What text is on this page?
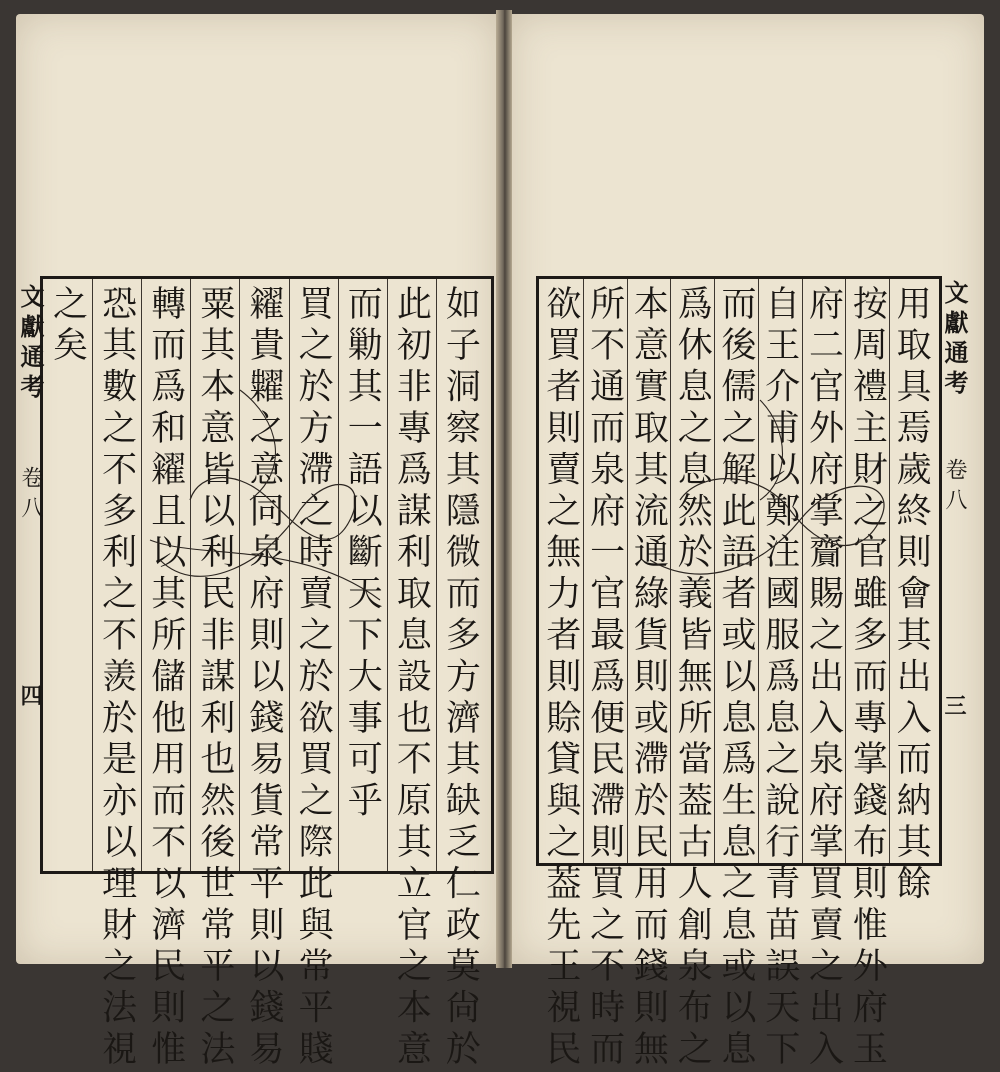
如子洞察其隱微而多方濟其缺乏仁政莫尙於
此初非專爲謀利取息設也不原其立官之本意
而勦其一語以斷天下大事可乎
買之於方滯之時賣之於欲買之際此與常平賤
糴貴糶之意同泉府則以錢易貨常平則以錢易
粟其本意皆以利民非謀利也然後世常平之法
轉而爲和糴且以其所儲他用而不以濟民則惟
恐其數之不多利之不羨於是亦以理財之法視
之矣
文獻通考
卷八
四	用取具焉歲終則會其出入而納其餘
按周禮主財之官雖多而專掌錢布則惟外府玉
府二官外府掌齎賜之出入泉府掌買賣之出入
自王介甫以鄭注國服爲息之說行青苗誤天下
而後儒之解此語者或以息爲生息之息或以息
爲休息之息然於義皆無所當葢古人創泉布之
本意實取其流通綠貨則或滯於民用而錢則無
所不通而泉府一官最爲便民滯則買之不時而
欲買者則賣之無力者則賒貸與之葢先王視民	文獻通考
卷八
三
